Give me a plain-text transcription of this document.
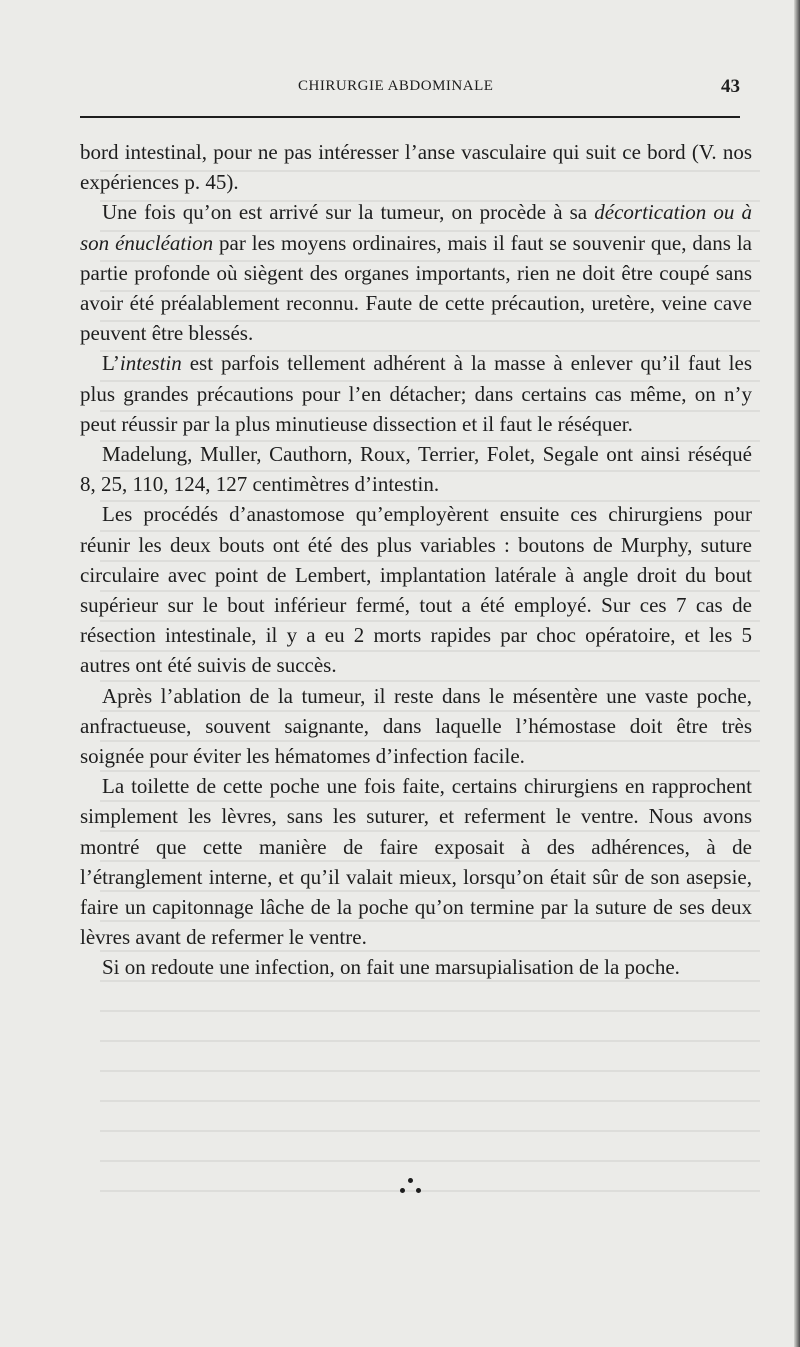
CHIRURGIE ABDOMINALE	43

bord intestinal, pour ne pas intéresser l’anse vasculaire qui suit ce bord (V. nos expériences p. 45).

Une fois qu’on est arrivé sur la tumeur, on procède à sa décortication ou à son énucléation par les moyens ordinaires, mais il faut se souvenir que, dans la partie profonde où siègent des organes importants, rien ne doit être coupé sans avoir été préalablement reconnu. Faute de cette précaution, uretère, veine cave peuvent être blessés.

L’intestin est parfois tellement adhérent à la masse à enlever qu’il faut les plus grandes précautions pour l’en détacher; dans certains cas même, on n’y peut réussir par la plus minutieuse dissection et il faut le réséquer.

Madelung, Muller, Cauthorn, Roux, Terrier, Folet, Segale ont ainsi réséqué 8, 25, 110, 124, 127 centimètres d’intestin.

Les procédés d’anastomose qu’employèrent ensuite ces chirurgiens pour réunir les deux bouts ont été des plus variables : boutons de Murphy, suture circulaire avec point de Lembert, implantation latérale à angle droit du bout supérieur sur le bout inférieur fermé, tout a été employé. Sur ces 7 cas de résection intestinale, il y a eu 2 morts rapides par choc opératoire, et les 5 autres ont été suivis de succès.

Après l’ablation de la tumeur, il reste dans le mésentère une vaste poche, anfractueuse, souvent saignante, dans laquelle l’hémostase doit être très soignée pour éviter les hématomes d’infection facile.

La toilette de cette poche une fois faite, certains chirurgiens en rapprochent simplement les lèvres, sans les suturer, et referment le ventre. Nous avons montré que cette manière de faire exposait à des adhérences, à de l’étranglement interne, et qu’il valait mieux, lorsqu’on était sûr de son asepsie, faire un capitonnage lâche de la poche qu’on termine par la suture de ses deux lèvres avant de refermer le ventre.

Si on redoute une infection, on fait une marsupialisation de la poche.
